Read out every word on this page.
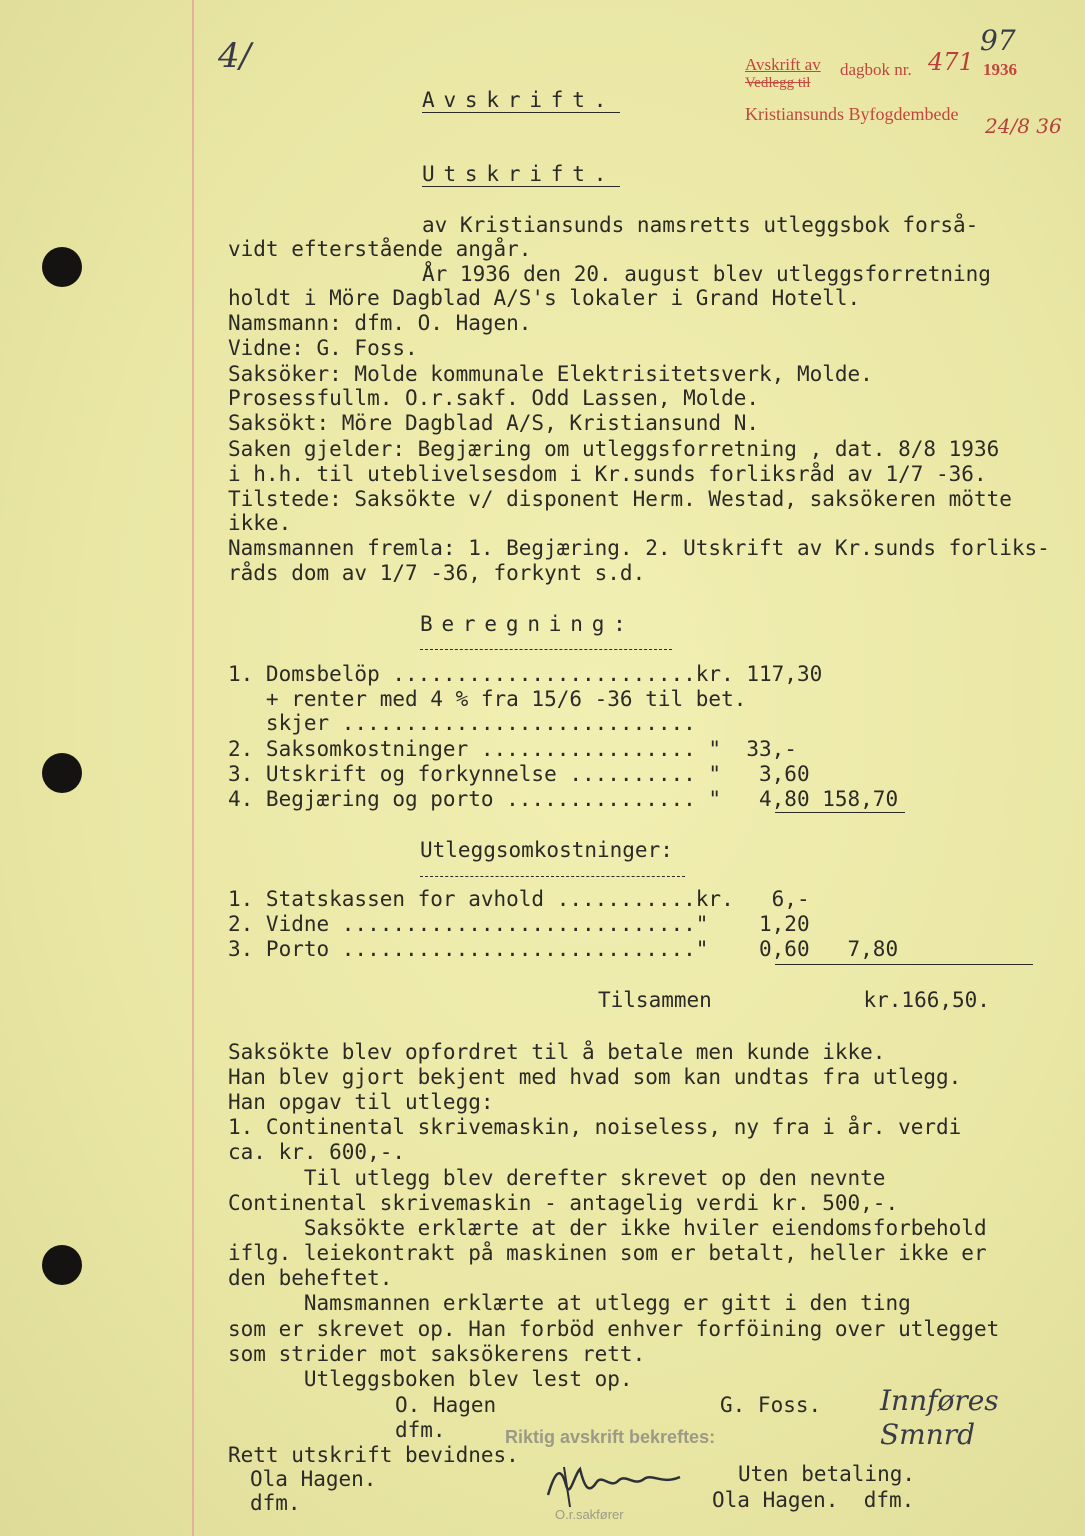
4/	97
Avskrift av dagbok nr. 471 1936
Vedlegg til
Kristiansunds Byfogdembede 24/8 36
Avskrift.
Utskrift.
av Kristiansunds namsretts utleggsbok forså-
vidt efterstående angår.
År 1936 den 20. august blev utleggsforretning
holdt i Möre Dagblad A/S's lokaler i Grand Hotell.
Namsmann: dfm. O. Hagen.
Vidne: G. Foss.
Saksöker: Molde kommunale Elektrisitetsverk, Molde.
Prosessfullm. O.r.sakf. Odd Lassen, Molde.
Saksökt: Möre Dagblad A/S, Kristiansund N.
Saken gjelder: Begjæring om utleggsforretning , dat. 8/8 1936
i h.h. til uteblivelsesdom i Kr.sunds forliksråd av 1/7 -36.
Tilstede: Saksökte v/ disponent Herm. Westad, saksökeren mötte
ikke.
Namsmannen fremla: 1. Begjæring. 2. Utskrift av Kr.sunds forliks-
råds dom av 1/7 -36, forkynt s.d.
Beregning:
1. Domsbelöp ........................kr. 117,30
+ renter med 4 % fra 15/6 -36 til bet.
skjer ............................
2. Saksomkostninger ................. "  33,-
3. Utskrift og forkynnelse .......... "   3,60
4. Begjæring og porto ............... "   4,80 158,70
Utleggsomkostninger:
1. Statskassen for avhold ...........kr.   6,-
2. Vidne ............................"    1,20
3. Porto ............................"    0,60   7,80
Tilsammen            kr.166,50.
Saksökte blev opfordret til å betale men kunde ikke.
Han blev gjort bekjent med hvad som kan undtas fra utlegg.
Han opgav til utlegg:
1. Continental skrivemaskin, noiseless, ny fra i år. verdi
ca. kr. 600,-.
Til utlegg blev derefter skrevet op den nevnte
Continental skrivemaskin - antagelig verdi kr. 500,-.
Saksökte erklærte at der ikke hviler eiendomsforbehold
iflg. leiekontrakt på maskinen som er betalt, heller ikke er
den beheftet.
Namsmannen erklærte at utlegg er gitt i den ting
som er skrevet op. Han forböd enhver forföining over utlegget
som strider mot saksökerens rett.
Utleggsboken blev lest op.
O. Hagen	G. Foss.
dfm.	Riktig avskrift bekreftes:
Rett utskrift bevidnes.
Ola Hagen.
dfm.
Uten betaling.
Ola Hagen.  dfm.
O.r.sakfører
Innføres
Smnrd
